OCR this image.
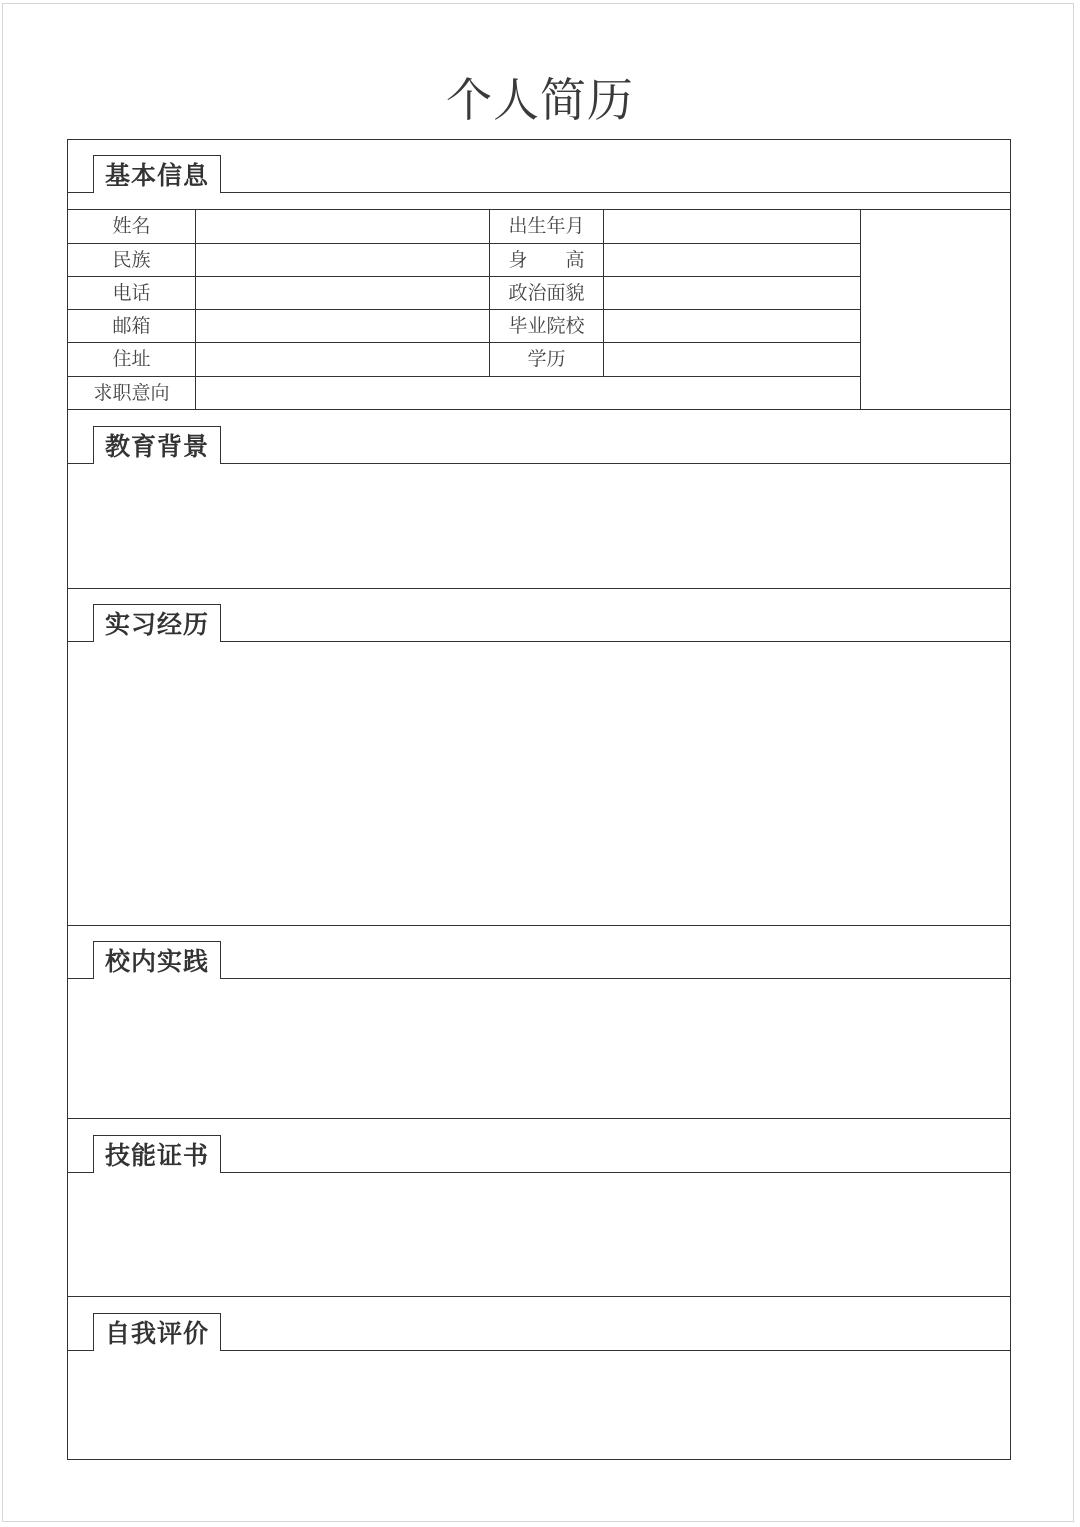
个人简历
基本信息
姓名
民族
电话
邮箱
住址
求职意向
出生年月
身　　高
政治面貌
毕业院校
学历
教育背景
实习经历
校内实践
技能证书
自我评价
